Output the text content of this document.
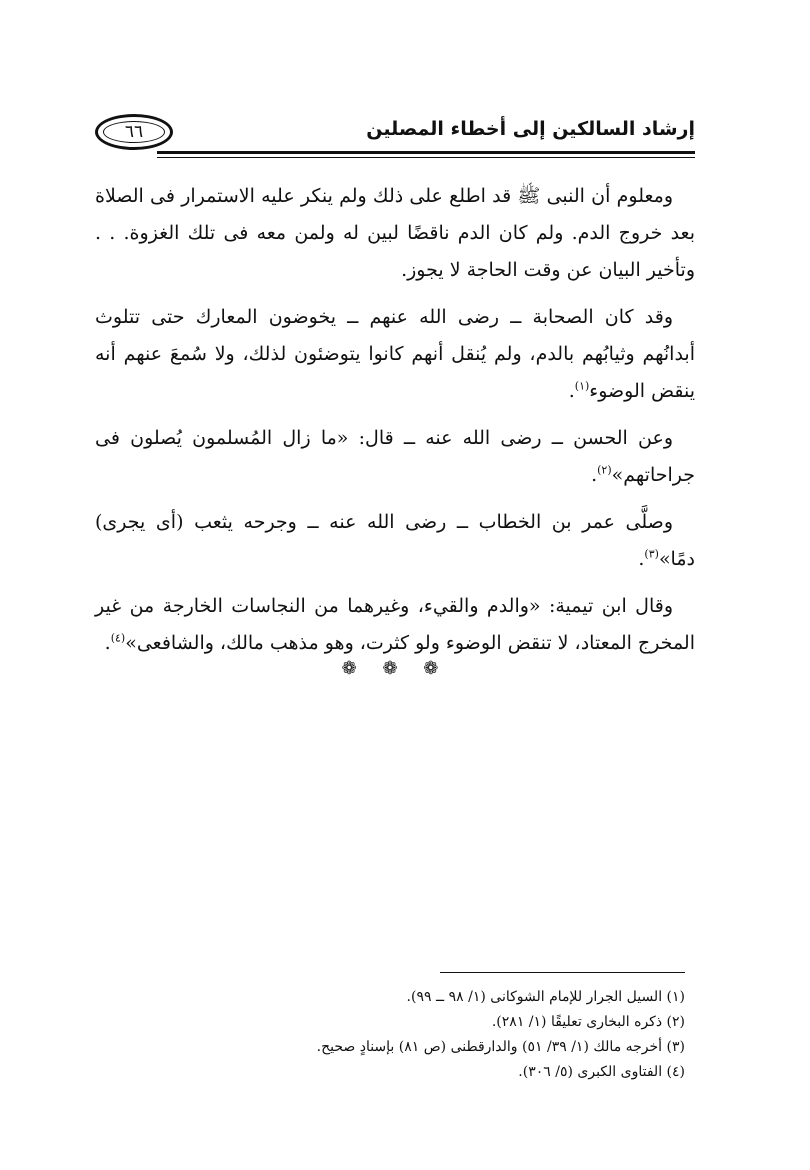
٦٦	إرشاد السالكين إلى أخطاء المصلين

ومعلوم أن النبى ﷺ قد اطلع على ذلك ولم ينكر عليه الاستمرار فى الصلاة بعد خروج الدم. ولم كان الدم ناقضًا لبين له ولمن معه فى تلك الغزوة. . . وتأخير البيان عن وقت الحاجة لا يجوز.

وقد كان الصحابة ــ رضى الله عنهم ــ يخوضون المعارك حتى تتلوث أبدانُهم وثيابُهم بالدم، ولم يُنقل أنهم كانوا يتوضئون لذلك، ولا سُمعَ عنهم أنه ينقض الوضوء$^{(١)}$.

وعن الحسن ــ رضى الله عنه ــ قال: «ما زال المُسلمون يُصلون فى جراحاتهم»$^{(٢)}$.

وصلَّى عمر بن الخطاب ــ رضى الله عنه ــ وجرحه يثعب (أى يجرى) دمًا»$^{(٣)}$.

وقال ابن تيمية: «والدم والقيء، وغيرهما من النجاسات الخارجة من غير المخرج المعتاد، لا تنقض الوضوء ولو كثرت، وهو مذهب مالك، والشافعى»$^{(٤)}$.

❁ ❁ ❁
(١) السيل الجرار للإمام الشوكانى (١/ ٩٨ ــ ٩٩).
(٢) ذكره البخارى تعليقًا (١/ ٢٨١).
(٣) أخرجه مالك (١/ ٣٩/ ٥١) والدارقطنى (ص ٨١) بإسنادٍ صحيح.
(٤) الفتاوى الكبرى (٥/ ٣٠٦).
